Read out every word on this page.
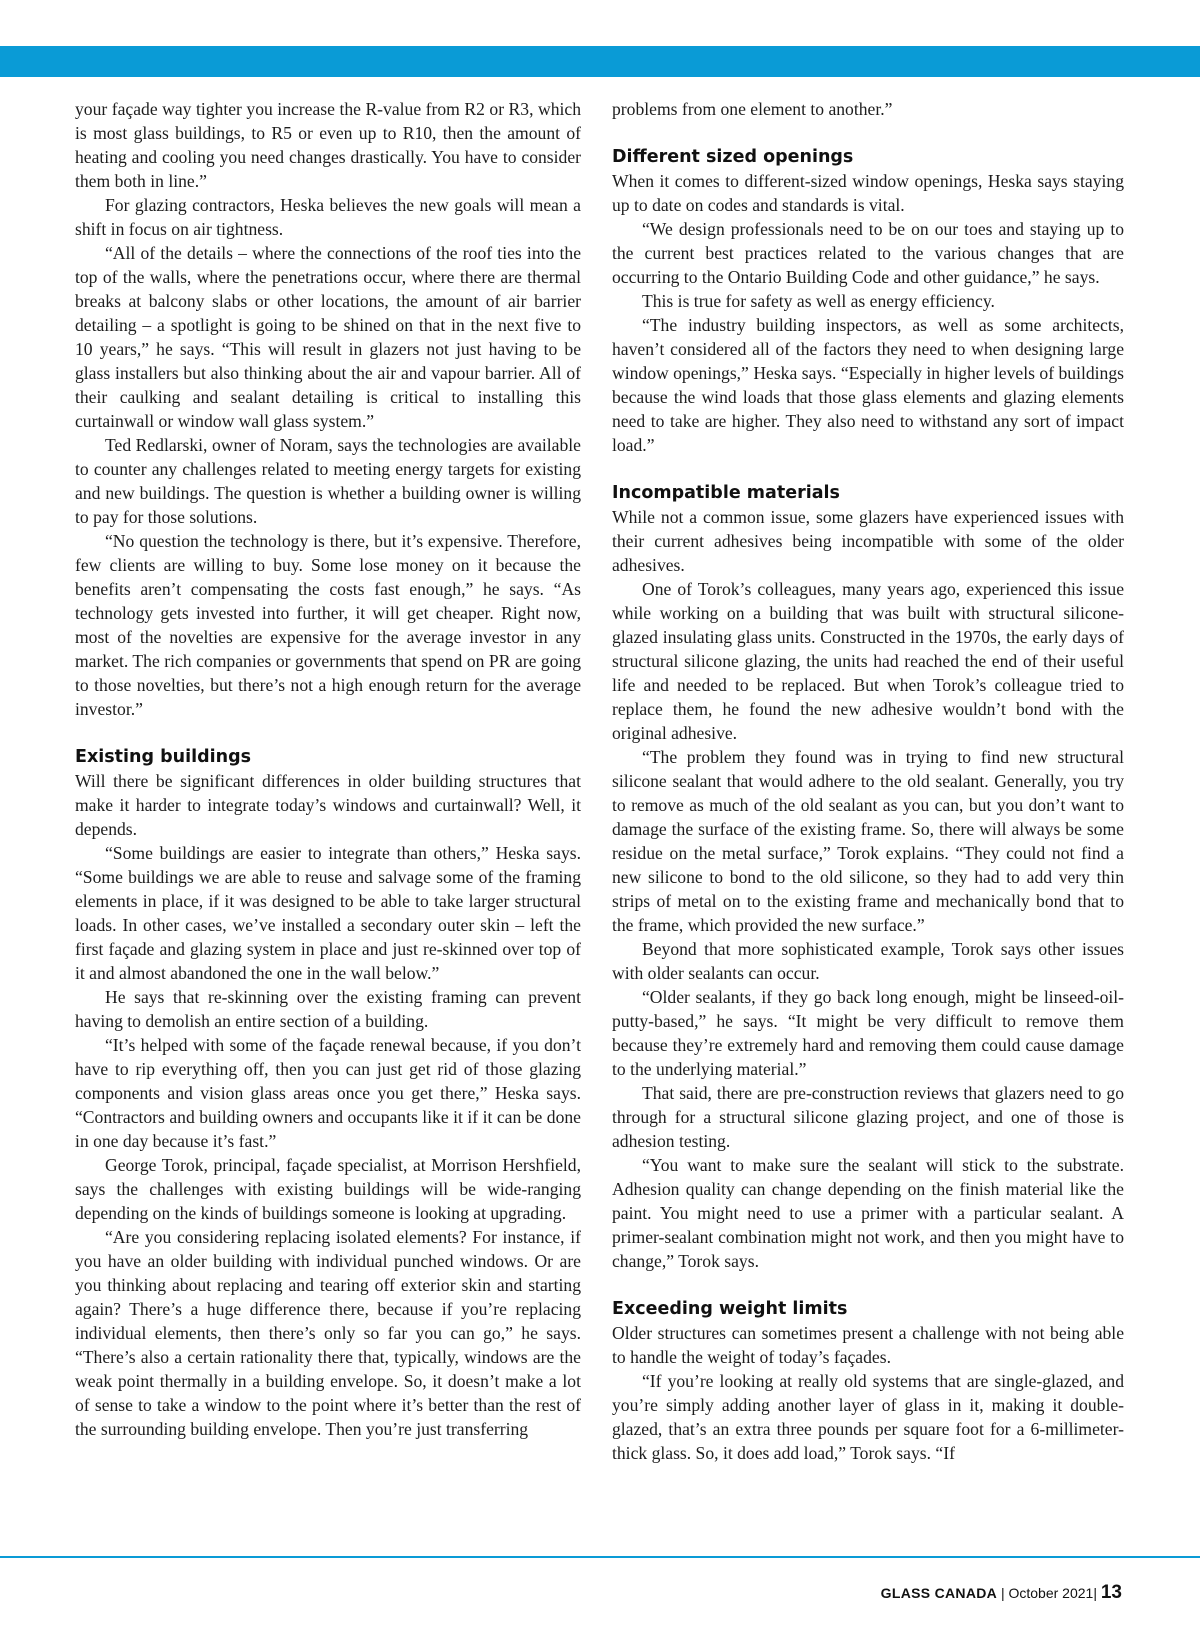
your façade way tighter you increase the R-value from R2 or R3, which is most glass buildings, to R5 or even up to R10, then the amount of heating and cooling you need changes drastically. You have to consider them both in line.”

For glazing contractors, Heska believes the new goals will mean a shift in focus on air tightness.

“All of the details – where the connections of the roof ties into the top of the walls, where the penetrations occur, where there are thermal breaks at balcony slabs or other locations, the amount of air barrier detailing – a spotlight is going to be shined on that in the next five to 10 years,” he says. “This will result in glazers not just having to be glass installers but also thinking about the air and vapour barrier. All of their caulking and sealant detailing is critical to installing this curtainwall or window wall glass system.”

Ted Redlarski, owner of Noram, says the technologies are available to counter any challenges related to meeting energy targets for existing and new buildings. The question is whether a building owner is willing to pay for those solutions.

“No question the technology is there, but it’s expensive. Therefore, few clients are willing to buy. Some lose money on it because the benefits aren’t compensating the costs fast enough,” he says. “As technology gets invested into further, it will get cheaper. Right now, most of the novelties are expensive for the average investor in any market. The rich companies or governments that spend on PR are going to those novelties, but there’s not a high enough return for the average investor.”

Existing buildings

Will there be significant differences in older building structures that make it harder to integrate today’s windows and curtainwall? Well, it depends.

“Some buildings are easier to integrate than others,” Heska says. “Some buildings we are able to reuse and salvage some of the framing elements in place, if it was designed to be able to take larger structural loads. In other cases, we’ve installed a secondary outer skin – left the first façade and glazing system in place and just re-skinned over top of it and almost abandoned the one in the wall below.”

He says that re-skinning over the existing framing can prevent having to demolish an entire section of a building.

“It’s helped with some of the façade renewal because, if you don’t have to rip everything off, then you can just get rid of those glazing components and vision glass areas once you get there,” Heska says. “Contractors and building owners and occupants like it if it can be done in one day because it’s fast.”

George Torok, principal, façade specialist, at Morrison Hershfield, says the challenges with existing buildings will be wide-ranging depending on the kinds of buildings someone is looking at upgrading.

“Are you considering replacing isolated elements? For instance, if you have an older building with individual punched windows. Or are you thinking about replacing and tearing off exterior skin and starting again? There’s a huge difference there, because if you’re replacing individual elements, then there’s only so far you can go,” he says. “There’s also a certain rationality there that, typically, windows are the weak point thermally in a building envelope. So, it doesn’t make a lot of sense to take a window to the point where it’s better than the rest of the surrounding building envelope. Then you’re just transferring

problems from one element to another.”

Different sized openings

When it comes to different-sized window openings, Heska says staying up to date on codes and standards is vital.

“We design professionals need to be on our toes and staying up to the current best practices related to the various changes that are occurring to the Ontario Building Code and other guidance,” he says.

This is true for safety as well as energy efficiency.

“The industry building inspectors, as well as some architects, haven’t considered all of the factors they need to when designing large window openings,” Heska says. “Especially in higher levels of buildings because the wind loads that those glass elements and glazing elements need to take are higher. They also need to withstand any sort of impact load.”

Incompatible materials

While not a common issue, some glazers have experienced issues with their current adhesives being incompatible with some of the older adhesives.

One of Torok’s colleagues, many years ago, experienced this issue while working on a building that was built with structural silicone-glazed insulating glass units. Constructed in the 1970s, the early days of structural silicone glazing, the units had reached the end of their useful life and needed to be replaced. But when Torok’s colleague tried to replace them, he found the new adhesive wouldn’t bond with the original adhesive.

“The problem they found was in trying to find new structural silicone sealant that would adhere to the old sealant. Generally, you try to remove as much of the old sealant as you can, but you don’t want to damage the surface of the existing frame. So, there will always be some residue on the metal surface,” Torok explains. “They could not find a new silicone to bond to the old silicone, so they had to add very thin strips of metal on to the existing frame and mechanically bond that to the frame, which provided the new surface.”

Beyond that more sophisticated example, Torok says other issues with older sealants can occur.

“Older sealants, if they go back long enough, might be linseed-oil-putty-based,” he says. “It might be very difficult to remove them because they’re extremely hard and removing them could cause damage to the underlying material.”

That said, there are pre-construction reviews that glazers need to go through for a structural silicone glazing project, and one of those is adhesion testing.

“You want to make sure the sealant will stick to the substrate. Adhesion quality can change depending on the finish material like the paint. You might need to use a primer with a particular sealant. A primer-sealant combination might not work, and then you might have to change,” Torok says.

Exceeding weight limits

Older structures can sometimes present a challenge with not being able to handle the weight of today’s façades.

“If you’re looking at really old systems that are single-glazed, and you’re simply adding another layer of glass in it, making it double-glazed, that’s an extra three pounds per square foot for a 6-millimeter-thick glass. So, it does add load,” Torok says. “If

GLASS CANADA | October 2021| 13
